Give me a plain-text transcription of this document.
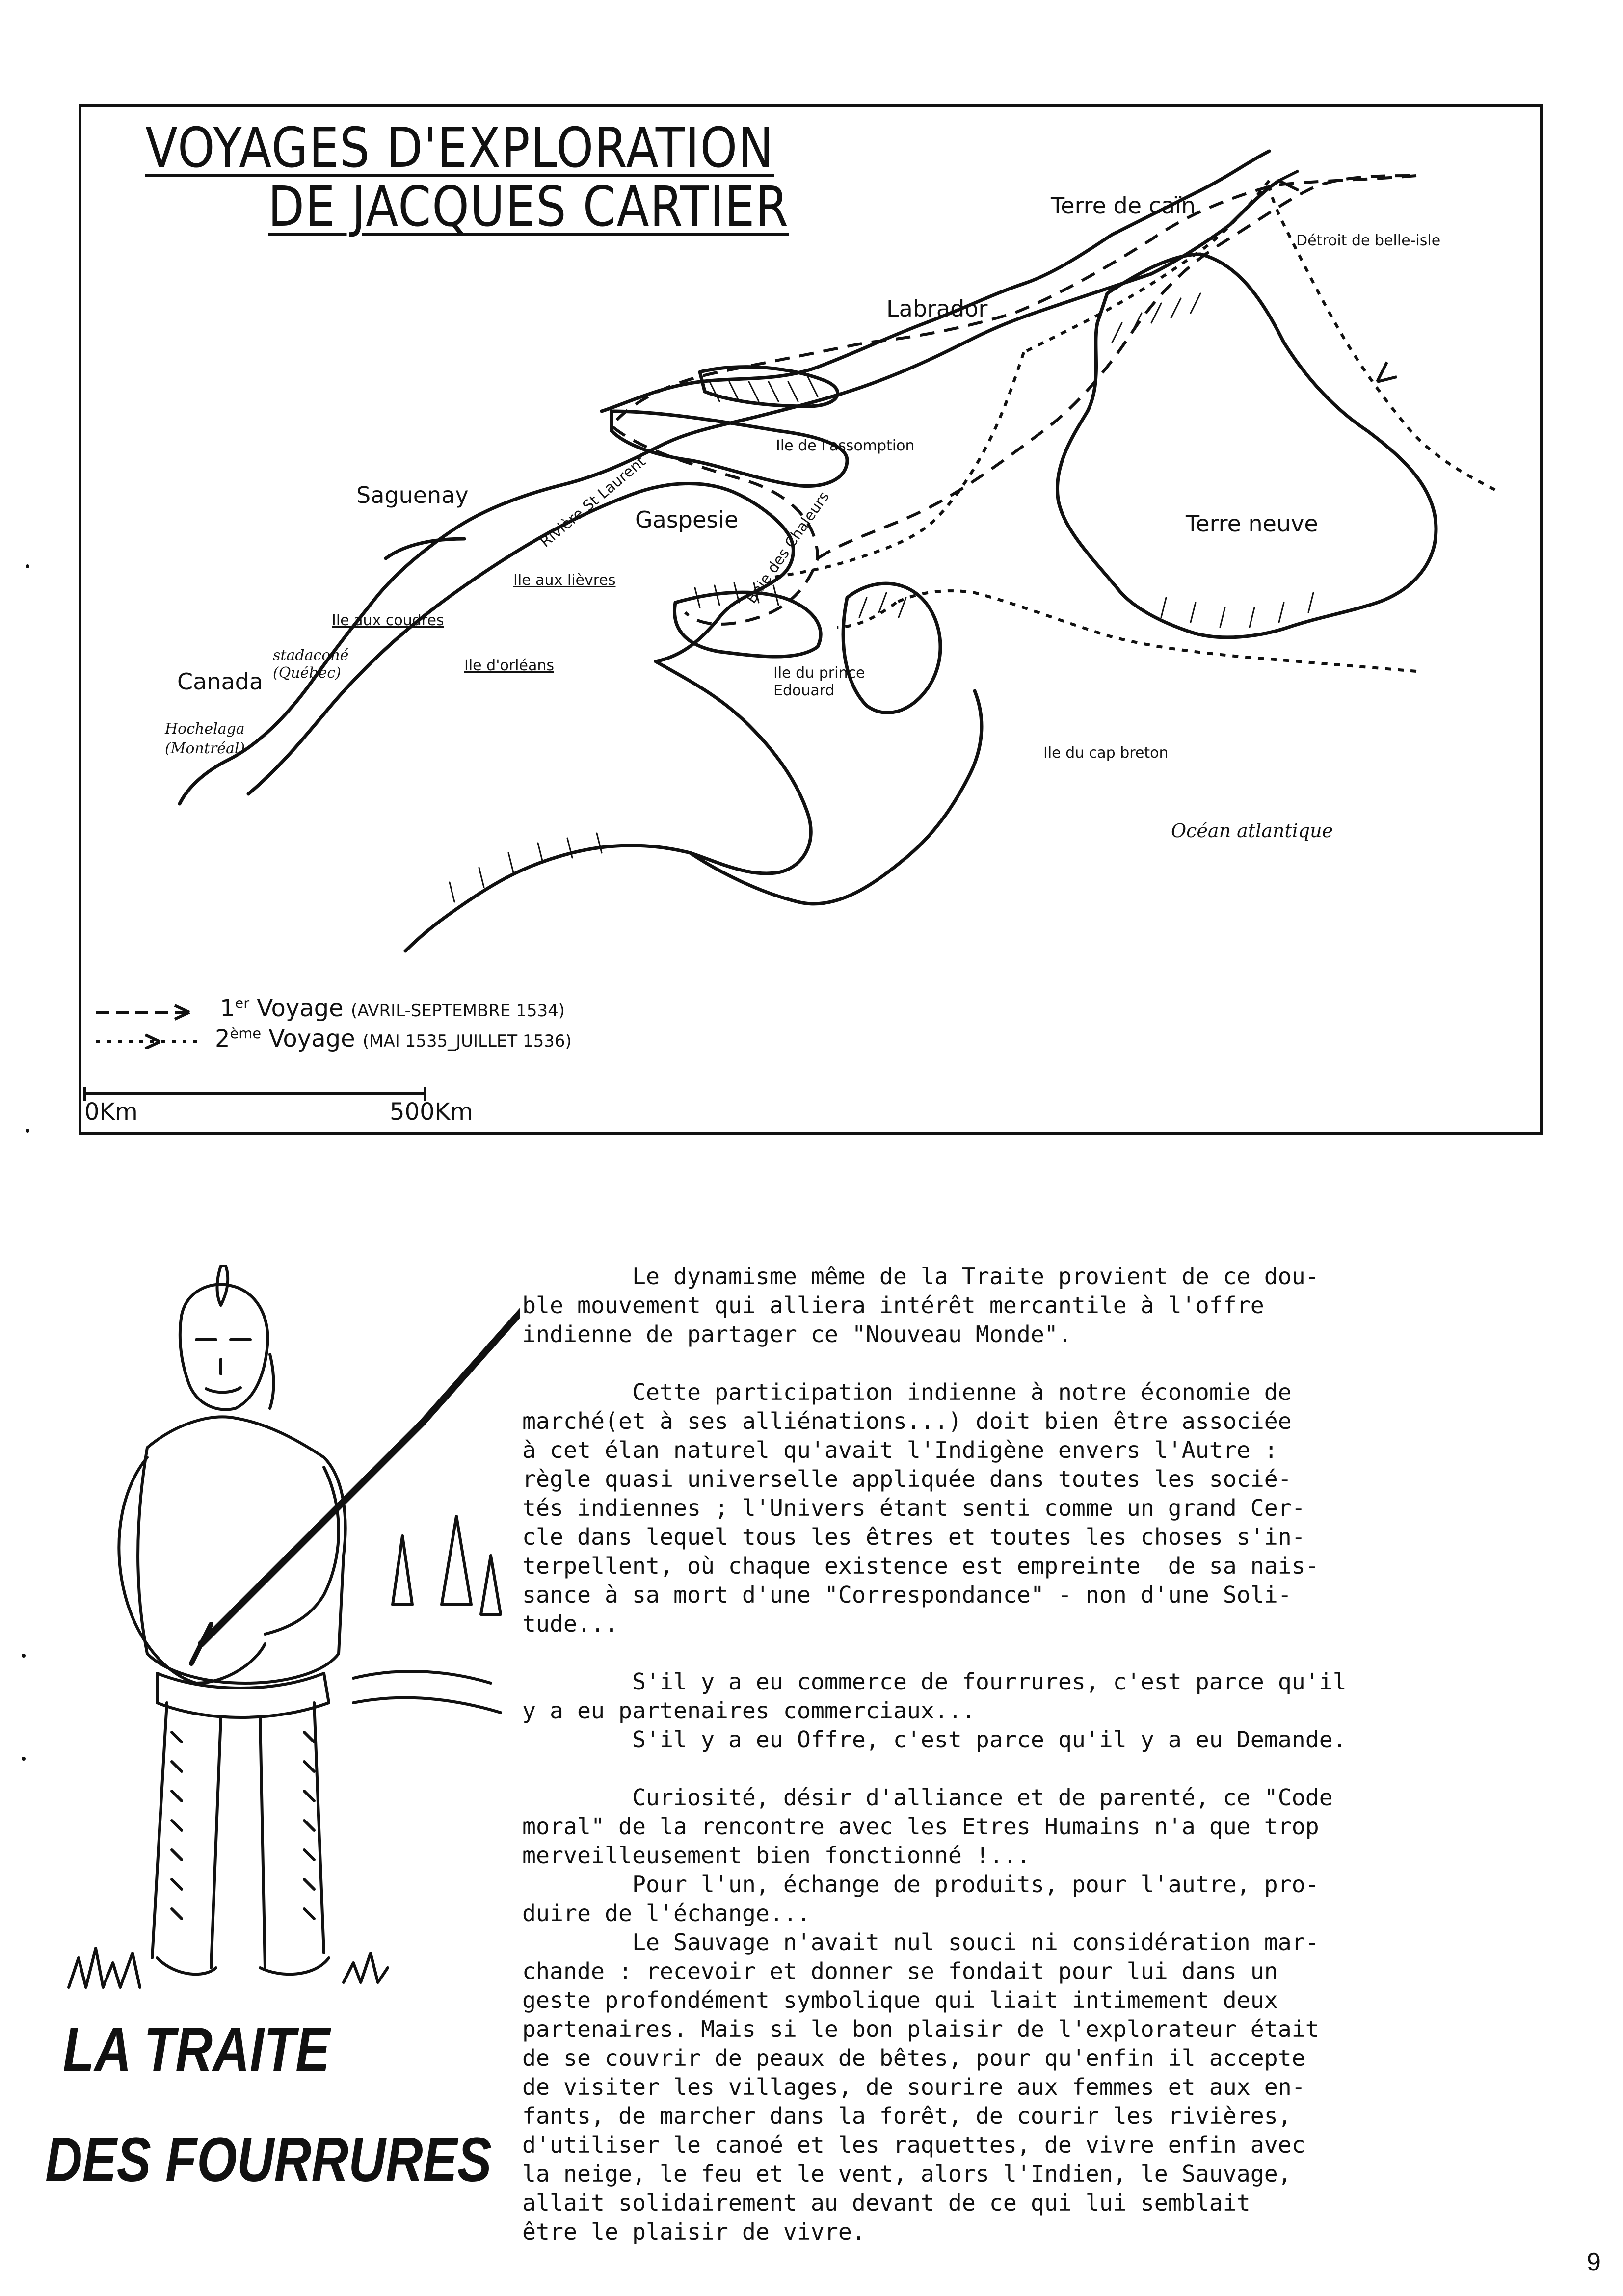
VOYAGES D'EXPLORATION
DE JACQUES CARTIER	Terre de caïn
Détroit de belle-isle
Labrador
Ile de l'assomption
Saguenay
Gaspesie
Rivière St Laurent	Baie des Chaleurs	Terre neuve
Ile aux lièvres
Ile aux coudres
stadaconé (Québec)	Ile d'orléans
Canada
Hochelaga (Montréal)
Ile du prince Edouard
Ile du cap breton
Océan atlantique
1er Voyage (AVRIL-SEPTEMBRE 1534)
2ème Voyage (MAI 1535_JUILLET 1536)
0Km	500Km
LA TRAITE
DES FOURRURES
Le dynamisme même de la Traite provient de ce dou-
ble mouvement qui alliera intérêt mercantile à l'offre
indienne de partager ce "Nouveau Monde".
Cette participation indienne à notre économie de
marché(et à ses alliénations...) doit bien être associée
à cet élan naturel qu'avait l'Indigène envers l'Autre :
règle quasi universelle appliquée dans toutes les socié-
tés indiennes ; l'Univers étant senti comme un grand Cer-
cle dans lequel tous les êtres et toutes les choses s'in-
terpellent, où chaque existence est empreinte  de sa nais-
sance à sa mort d'une "Correspondance" - non d'une Soli-
tude...
S'il y a eu commerce de fourrures, c'est parce qu'il
y a eu partenaires commerciaux...
S'il y a eu Offre, c'est parce qu'il y a eu Demande.
Curiosité, désir d'alliance et de parenté, ce "Code
moral" de la rencontre avec les Etres Humains n'a que trop
merveilleusement bien fonctionné !...
Pour l'un, échange de produits, pour l'autre, pro-
duire de l'échange...
Le Sauvage n'avait nul souci ni considération mar-
chande : recevoir et donner se fondait pour lui dans un
geste profondément symbolique qui liait intimement deux
partenaires. Mais si le bon plaisir de l'explorateur était
de se couvrir de peaux de bêtes, pour qu'enfin il accepte
de visiter les villages, de sourire aux femmes et aux en-
fants, de marcher dans la forêt, de courir les rivières,
d'utiliser le canoé et les raquettes, de vivre enfin avec
la neige, le feu et le vent, alors l'Indien, le Sauvage,
allait solidairement au devant de ce qui lui semblait
être le plaisir de vivre.
9
